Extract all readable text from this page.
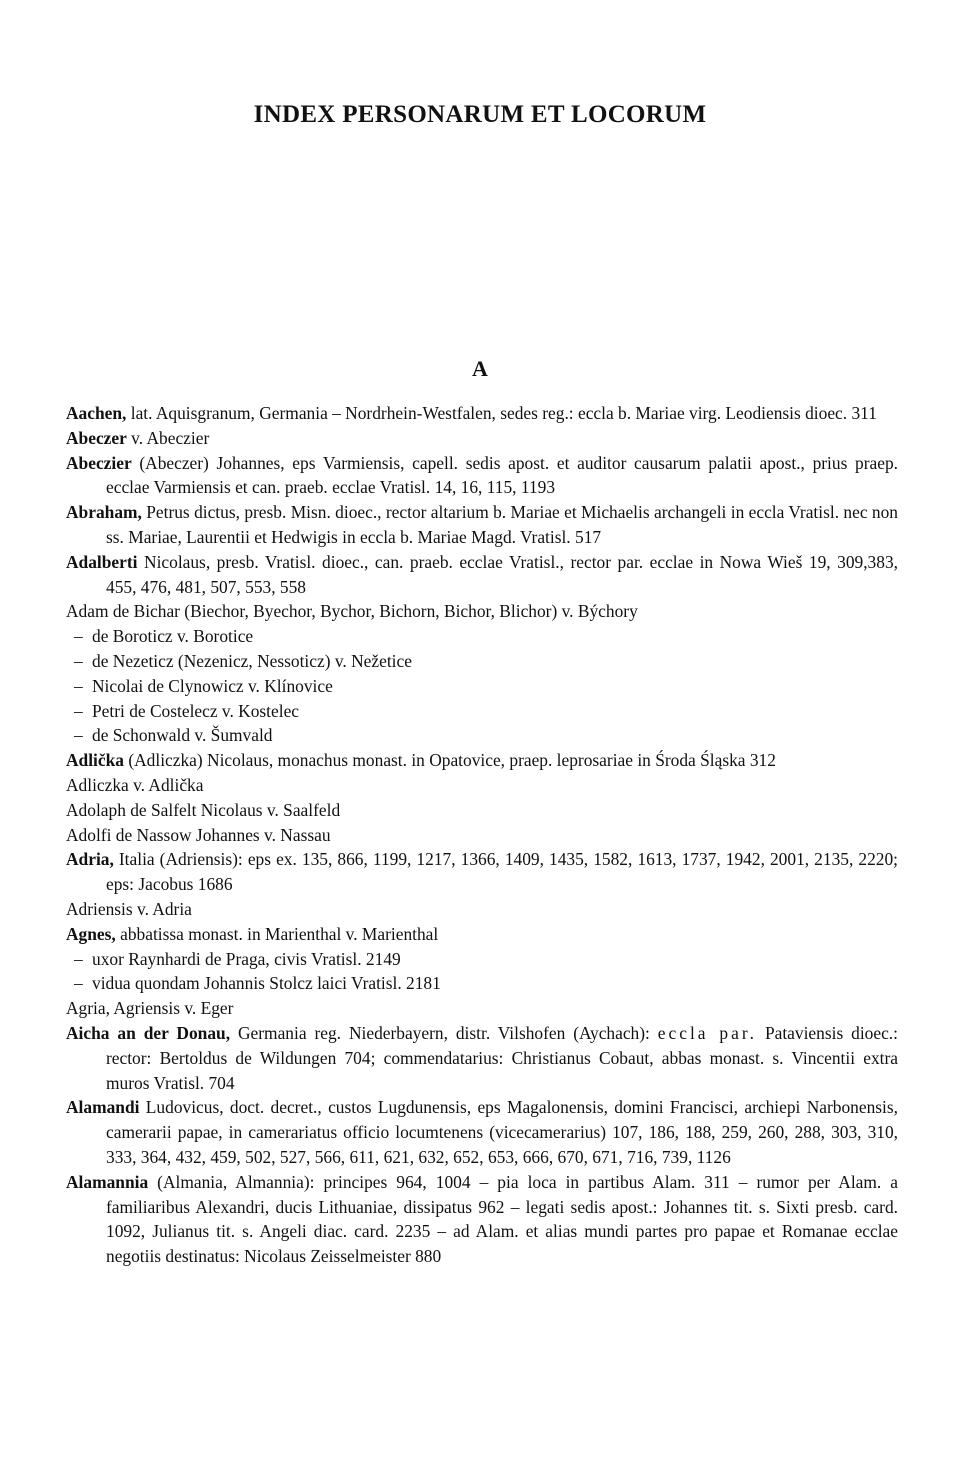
INDEX PERSONARUM ET LOCORUM
A

Aachen, lat. Aquisgranum, Germania – Nordrhein-Westfalen, sedes reg.: eccla b. Mariae virg. Leodiensis dioec. 311

Abeczer v. Abeczier

Abeczier (Abeczer) Johannes, eps Varmiensis, capell. sedis apost. et auditor causarum palatii apost., prius praep. ecclae Varmiensis et can. praeb. ecclae Vratisl. 14, 16, 115, 1193

Abraham, Petrus dictus, presb. Misn. dioec., rector altarium b. Mariae et Michaelis archangeli in eccla Vratisl. nec non ss. Mariae, Laurentii et Hedwigis in eccla b. Mariae Magd. Vratisl. 517

Adalberti Nicolaus, presb. Vratisl. dioec., can. praeb. ecclae Vratisl., rector par. ecclae in Nowa Wieš 19, 309,383, 455, 476, 481, 507, 553, 558

Adam de Bichar (Biechor, Byechor, Bychor, Bichorn, Bichor, Blichor) v. Býchory

– de Boroticz v. Borotice

– de Nezeticz (Nezenicz, Nessoticz) v. Nežetice

– Nicolai de Clynowicz v. Klínovice

– Petri de Costelecz v. Kostelec

– de Schonwald v. Šumvald

Adlička (Adliczka) Nicolaus, monachus monast. in Opatovice, praep. leprosariae in Środa Śląska 312

Adliczka v. Adlička

Adolaph de Salfelt Nicolaus v. Saalfeld

Adolfi de Nassow Johannes v. Nassau

Adria, Italia (Adriensis): eps ex. 135, 866, 1199, 1217, 1366, 1409, 1435, 1582, 1613, 1737, 1942, 2001, 2135, 2220; eps: Jacobus 1686

Adriensis v. Adria

Agnes, abbatissa monast. in Marienthal v. Marienthal

– uxor Raynhardi de Praga, civis Vratisl. 2149

– vidua quondam Johannis Stolcz laici Vratisl. 2181

Agria, Agriensis v. Eger

Aicha an der Donau, Germania reg. Niederbayern, distr. Vilshofen (Aychach): eccla par. Pataviensis dioec.: rector: Bertoldus de Wildungen 704; commendatarius: Christianus Cobaut, abbas monast. s. Vincentii extra muros Vratisl. 704

Alamandi Ludovicus, doct. decret., custos Lugdunensis, eps Magalonensis, domini Francisci, archiepi Narbonensis, camerarii papae, in camerariatus officio locumtenens (vicecamerarius) 107, 186, 188, 259, 260, 288, 303, 310, 333, 364, 432, 459, 502, 527, 566, 611, 621, 632, 652, 653, 666, 670, 671, 716, 739, 1126

Alamannia (Almania, Almannia): principes 964, 1004 – pia loca in partibus Alam. 311 – rumor per Alam. a familiaribus Alexandri, ducis Lithuaniae, dissipatus 962 – legati sedis apost.: Johannes tit. s. Sixti presb. card. 1092, Julianus tit. s. Angeli diac. card. 2235 – ad Alam. et alias mundi partes pro papae et Romanae ecclae negotiis destinatus: Nicolaus Zeisselmeister 880
